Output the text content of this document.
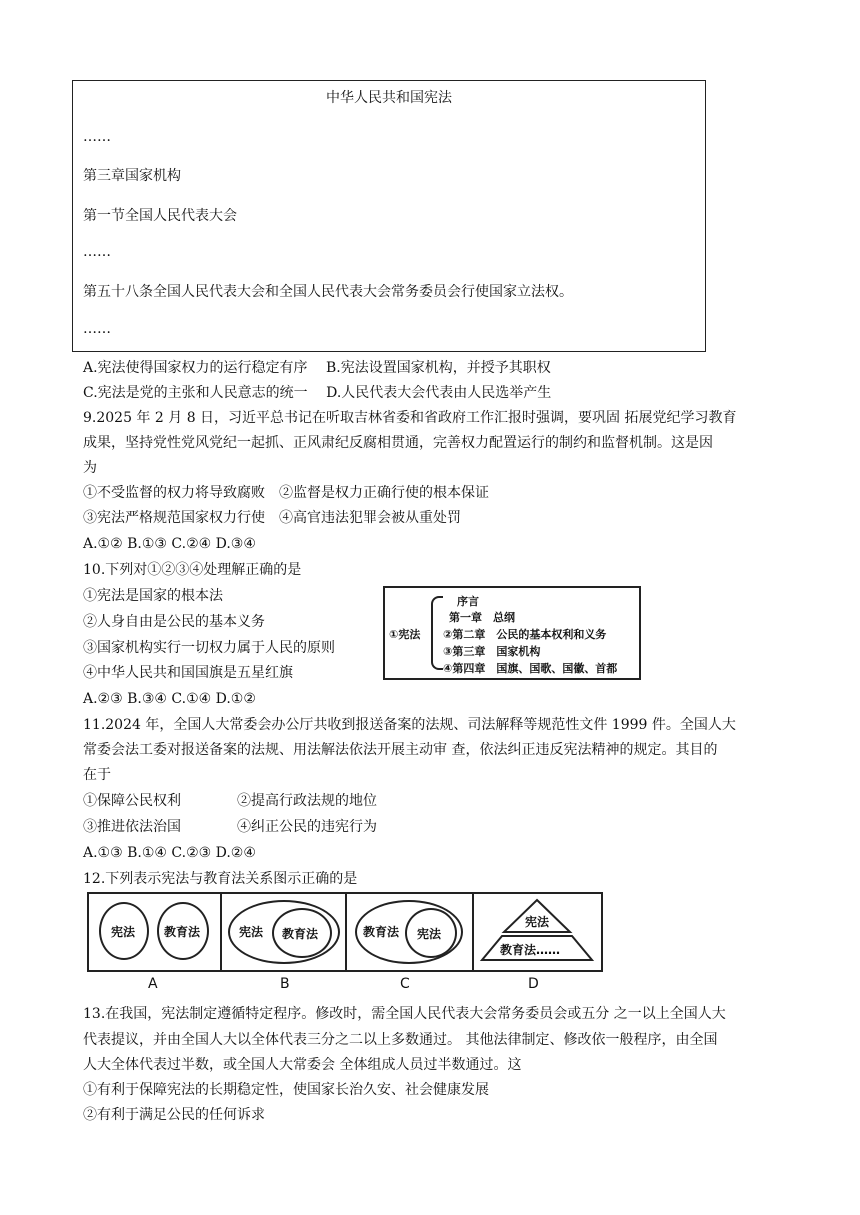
中华人民共和国宪法
……
第三章国家机构
第一节全国人民代表大会
……
第五十八条全国人民代表大会和全国人民代表大会常务委员会行使国家立法权。
……
A.宪法使得国家权力的运行稳定有序　 B.宪法设置国家机构，并授予其职权
C.宪法是党的主张和人民意志的统一　 D.人民代表大会代表由人民选举产生
9.2025 年 2 月 8 日，习近平总书记在听取吉林省委和省政府工作汇报时强调，要巩固 拓展党纪学习教育
成果，坚持党性党风党纪一起抓、正风肃纪反腐相贯通，完善权力配置运行的制约和监督机制。这是因
为
①不受监督的权力将导致腐败　②监督是权力正确行使的根本保证
③宪法严格规范国家权力行使　④高官违法犯罪会被从重处罚
A.①② B.①③ C.②④ D.③④
10.下列对①②③④处理解正确的是
①宪法是国家的根本法
②人身自由是公民的基本义务
③国家机构实行一切权力属于人民的原则
④中华人民共和国国旗是五星红旗
A.②③ B.③④ C.①④ D.①②
①宪法
序言
第一章　总纲
②第二章　公民的基本权利和义务
③第三章　国家机构
④第四章　国旗、国歌、国徽、首都
11.2024 年，全国人大常委会办公厅共收到报送备案的法规、司法解释等规范性文件 1999 件。全国人大
常委会法工委对报送备案的法规、用法解法依法开展主动审 查，依法纠正违反宪法精神的规定。其目的
在于
①保障公民权利	②提高行政法规的地位
③推进依法治国	④纠正公民的违宪行为
A.①③ B.①④ C.②③ D.②④
12.下列表示宪法与教育法关系图示正确的是
宪法 教育法	宪法 教育法	教育法 宪法
宪法
教育法……
A	B	C	D
13.在我国，宪法制定遵循特定程序。修改时，需全国人民代表大会常务委员会或五分 之一以上全国人大
代表提议，并由全国人大以全体代表三分之二以上多数通过。 其他法律制定、修改依一般程序，由全国
人大全体代表过半数，或全国人大常委会 全体组成人员过半数通过。这
①有利于保障宪法的长期稳定性，使国家长治久安、社会健康发展
②有利于满足公民的任何诉求
